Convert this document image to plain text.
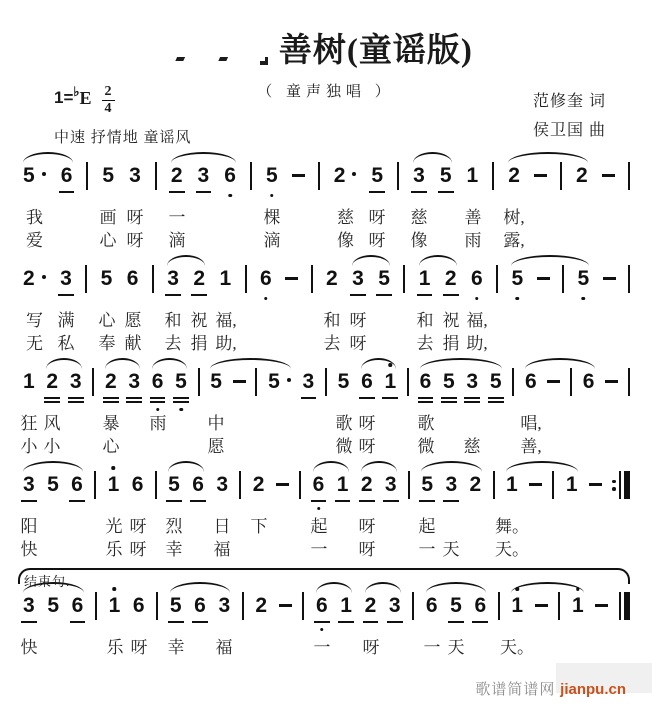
善树(童谣版)
（ 童声独唱 ）
1= ♭ E $\frac{2}{4}$
中速 抒情地 童谣风
范修奎 词
侯卫国 曲
5	6 5 3 2 3 6 5	2	5 3 5 1 2	2
我	画 呀 一	棵	慈 呀 慈 善 树,
爱	心 呀 滴	滴	像 呀 像 雨 露,
2	3 5 6 3 2 1 6	2 3 5 1 2 6 5	5
写 满 心 愿 和 祝 福,	和 呀	和 祝 福,
无 私 奉 献 去 捐 助,	去 呀	去 捐 助,
1 2 3 2 3 6 5 5 5	3 5 6 1 6 5 3 5 6 6
狂 风 暴 雨 中	歌 呀 歌	唱,
小 小 心	愿	微 呀 微 慈 善,
3 5 6 1 6 5 6 3 2 6 1 2 3 5 3 2 1 1
阳	光 呀 烈 日 下	起 呀	起	舞。
快	乐 呀 幸 福	一 呀	一 天 天。
3 5 6 1 6 5 6 3 2 6 1 2 3 6 5 6 1 1
结束句.
快	乐 呀 幸 福	一 呀	一 天 天。
歌谱简谱网 jianpu.cn
